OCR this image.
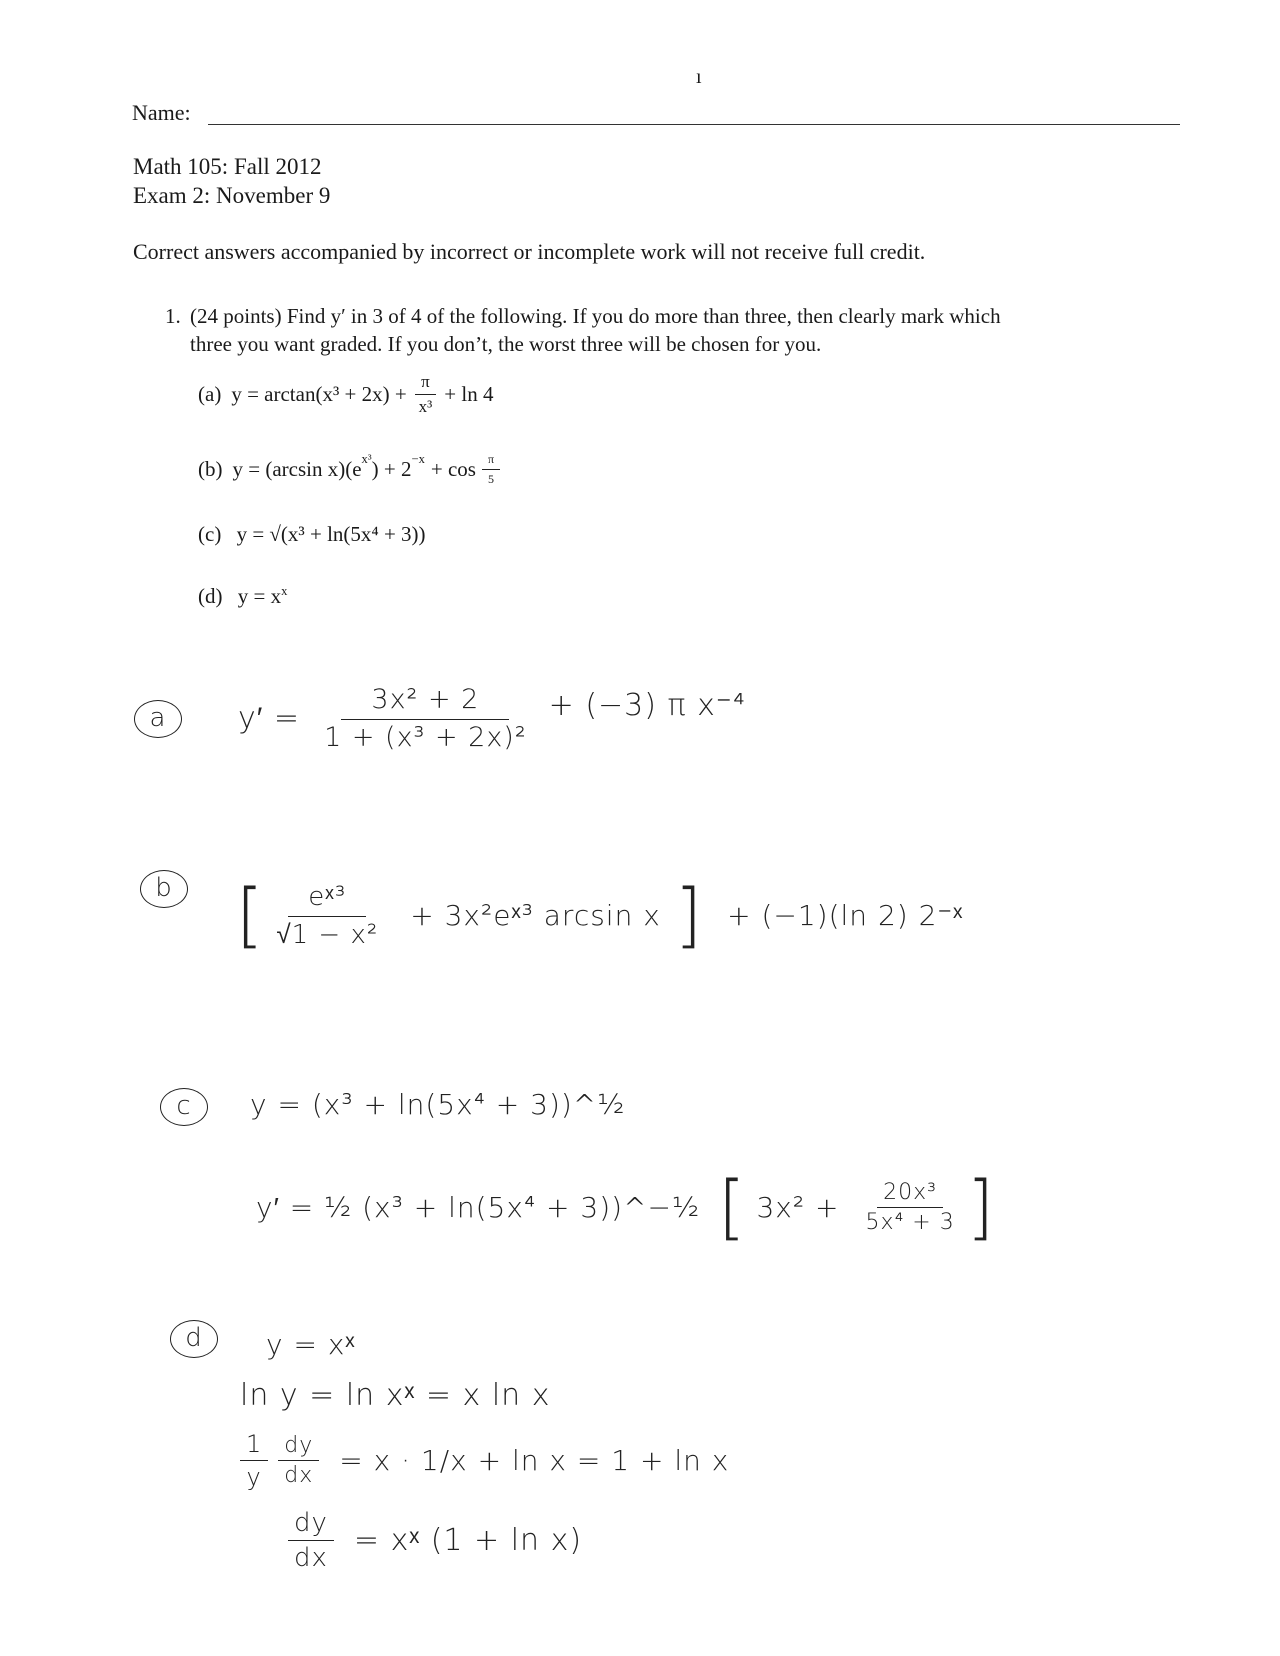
ı
Name:
Math 105: Fall 2012
Exam 2: November 9
Correct answers accompanied by incorrect or incomplete work will not receive full credit.
1. (24 points) Find y′ in 3 of 4 of the following. If you do more than three, then clearly mark which
three you want graded. If you don’t, the worst three will be chosen for you.
(a) $y = \arctan(x^3 + 2x) + \frac{\pi}{\text{x³}} + \ln 4$
(b) y = (arcsin $x)(e^{x^3}$ ) + $2^{-x} + \cos \frac{\pi}{5}$
(c) y = √(x³ + ln(5x⁴ + 3))
(d) $y = x^x$
a	$y' = \frac{\text{3x² + 2}}{\text{1 + (x³ + 2x)²}} + (-3)$ π x⁻⁴
b [ $\frac{\text{eˣ³}}{\text{√1 − x²}}$ + 3x²eˣ³ arcsin x ] + (−1)(ln 2) 2⁻ˣ
c	y = (x³ + ln(5x⁴ + 3))^½
y′ = ½ (x³ + ln(5x⁴ + 3))^−½ [ $3x^2 + \frac{\text{20x³}}{\text{5x⁴ + 3}}$ ]
d	y = xˣ
ln y = ln xˣ = x ln x
$\frac{1}{y} \frac{dy}{dx} = x \cdot 1/x + \ln x = 1 + \ln x$
$\frac{dy}{dx}$ = xˣ (1 + ln x)
